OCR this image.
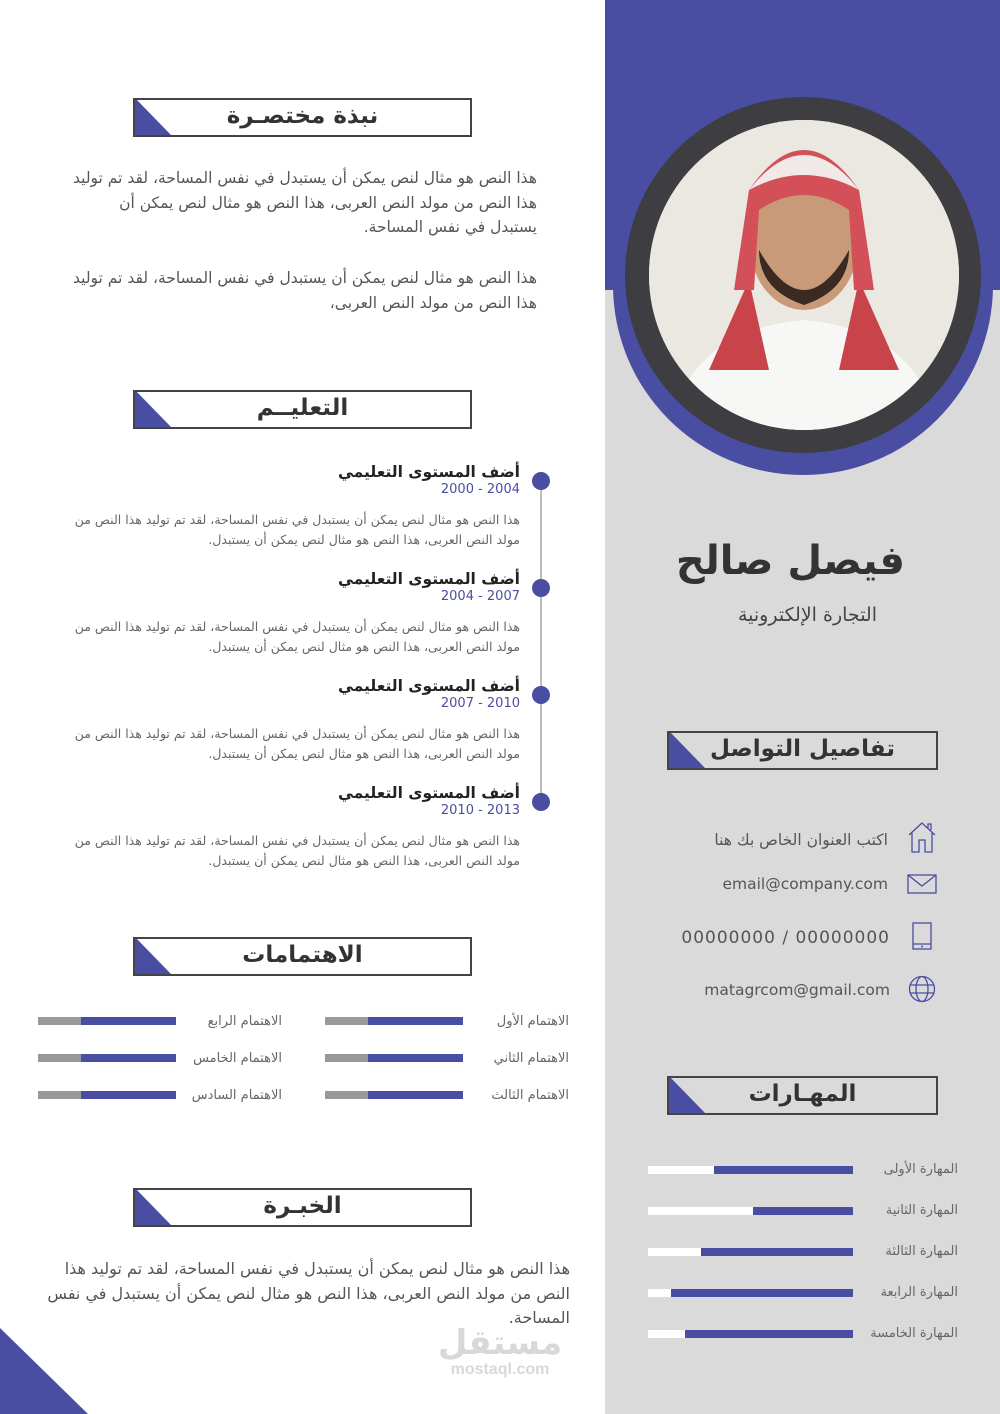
فيصل صالح
التجارة الإلكترونية
تفاصيل التواصل
اكتب العنوان الخاص بك هنا
email@company.com
00000000 / 00000000
matagrcom@gmail.com
المهـارات
المهارة الأولى
المهارة الثانية
المهارة الثالثة
المهارة الرابعة
المهارة الخامسة
نبذة مختصـرة
هذا النص هو مثال لنص يمكن أن يستبدل في نفس المساحة، لقد تم توليد هذا النص من مولد النص العربى، هذا النص هو مثال لنص يمكن أن يستبدل في نفس المساحة.
هذا النص هو مثال لنص يمكن أن يستبدل في نفس المساحة، لقد تم توليد هذا النص من مولد النص العربى،
التعليــم
أضف المستوى التعليمي
2000 - 2004
هذا النص هو مثال لنص يمكن أن يستبدل في نفس المساحة، لقد تم توليد هذا النص من مولد النص العربى، هذا النص هو مثال لنص يمكن أن يستبدل.
أضف المستوى التعليمي
2004 - 2007
هذا النص هو مثال لنص يمكن أن يستبدل في نفس المساحة، لقد تم توليد هذا النص من مولد النص العربى، هذا النص هو مثال لنص يمكن أن يستبدل.
أضف المستوى التعليمي
2007 - 2010
هذا النص هو مثال لنص يمكن أن يستبدل في نفس المساحة، لقد تم توليد هذا النص من مولد النص العربى، هذا النص هو مثال لنص يمكن أن يستبدل.
أضف المستوى التعليمي
2010 - 2013
هذا النص هو مثال لنص يمكن أن يستبدل في نفس المساحة، لقد تم توليد هذا النص من مولد النص العربى، هذا النص هو مثال لنص يمكن أن يستبدل.
الاهتمامات
الاهتمام الأول
الاهتمام الثاني
الاهتمام الثالث
الاهتمام الرابع
الاهتمام الخامس
الاهتمام السادس
الخبـرة
هذا النص هو مثال لنص يمكن أن يستبدل في نفس المساحة، لقد تم توليد هذا النص من مولد النص العربى، هذا النص هو مثال لنص يمكن أن يستبدل في نفس المساحة.
مستقل
mostaql.com
